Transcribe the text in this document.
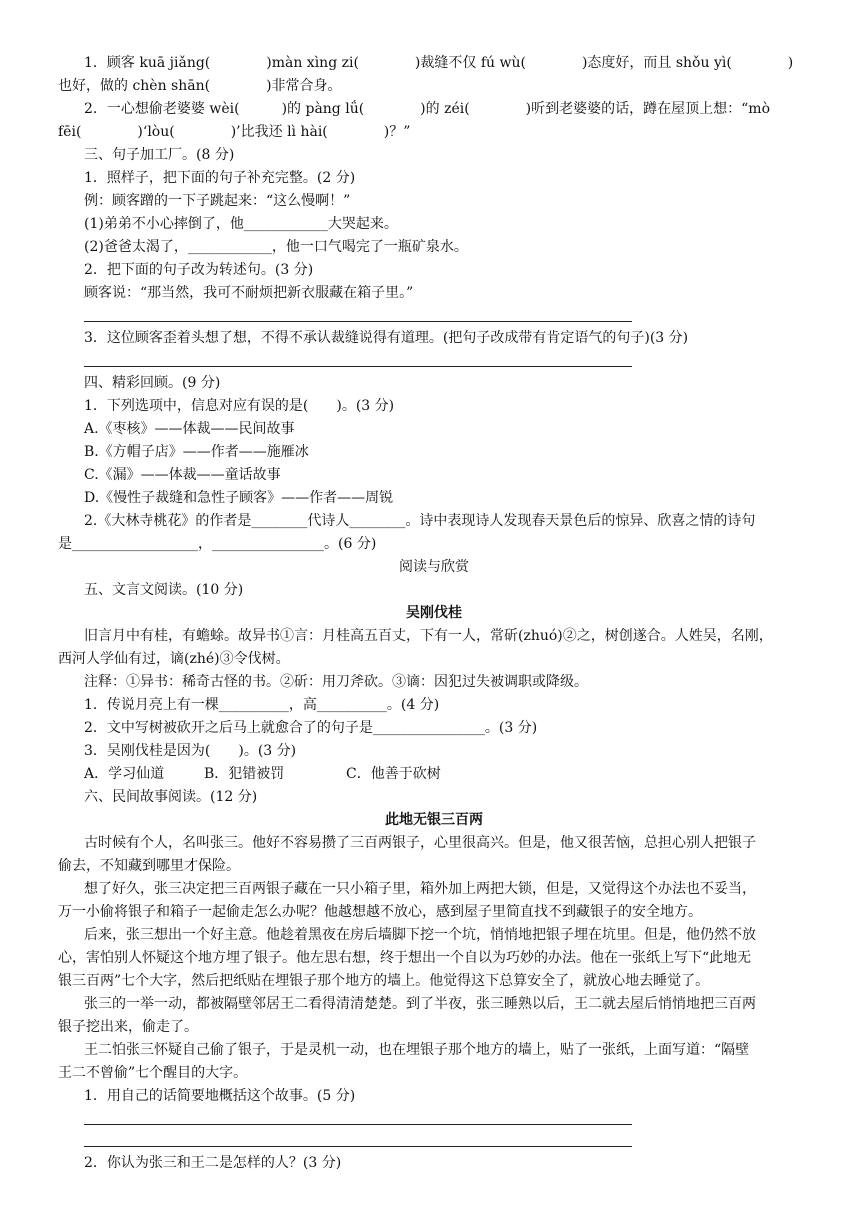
1．顾客 kuā jiǎng(　　　　)màn xìng zi(　　　　)裁缝不仅 fú wù(　　　　)态度好，而且 shǒu yì(　　　　)

也好，做的 chèn shān(　　　　)非常合身。

2．一心想偷老婆婆 wèi(　　　)的 pàng lǘ(　　　　)的 zéi(　　　　)听到老婆婆的话，蹲在屋顶上想：“mò

fēi(　　　　)‘lòu(　　　　)’比我还 lì hài(　　　　)？”

三、句子加工厂。(8 分)

1．照样子，把下面的句子补充完整。(2 分)

例：顾客蹭的一下子跳起来：“这么慢啊！”

(1)弟弟不小心摔倒了，他____________大哭起来。

(2)爸爸太渴了，____________，他一口气喝完了一瓶矿泉水。

2．把下面的句子改为转述句。(3 分)

顾客说：“那当然，我可不耐烦把新衣服藏在箱子里。”

3．这位顾客歪着头想了想，不得不承认裁缝说得有道理。(把句子改成带有肯定语气的句子)(3 分)

四、精彩回顾。(9 分)

1．下列选项中，信息对应有误的是(　　)。(3 分)

A.《枣核》——体裁——民间故事

B.《方帽子店》——作者——施雁冰

C.《漏》——体裁——童话故事

D.《慢性子裁缝和急性子顾客》——作者——周锐

2.《大林寺桃花》的作者是________代诗人________。诗中表现诗人发现春天景色后的惊异、欣喜之情的诗句

是__________________，________________。(6 分)

阅读与欣赏

五、文言文阅读。(10 分)

吴刚伐桂

旧言月中有桂，有蟾蜍。故异书①言：月桂高五百丈，下有一人，常斫(zhuó)②之，树创遂合。人姓吴，名刚，

西河人学仙有过，谪(zhé)③令伐树。

注释：①异书：稀奇古怪的书。②斫：用刀斧砍。③谪：因犯过失被调职或降级。

1．传说月亮上有一棵__________，高__________。(4 分)

2．文中写树被砍开之后马上就愈合了的句子是________________。(3 分)

3．吴刚伐桂是因为(　　)。(3 分)

A．学习仙道	B．犯错被罚	C．他善于砍树

六、民间故事阅读。(12 分)

此地无银三百两

古时候有个人，名叫张三。他好不容易攒了三百两银子，心里很高兴。但是，他又很苦恼，总担心别人把银子

偷去，不知藏到哪里才保险。

想了好久，张三决定把三百两银子藏在一只小箱子里，箱外加上两把大锁，但是，又觉得这个办法也不妥当，

万一小偷将银子和箱子一起偷走怎么办呢？他越想越不放心，感到屋子里简直找不到藏银子的安全地方。

后来，张三想出一个好主意。他趁着黑夜在房后墙脚下挖一个坑，悄悄地把银子埋在坑里。但是，他仍然不放

心，害怕别人怀疑这个地方埋了银子。他左思右想，终于想出一个自以为巧妙的办法。他在一张纸上写下“此地无

银三百两”七个大字，然后把纸贴在埋银子那个地方的墙上。他觉得这下总算安全了，就放心地去睡觉了。

张三的一举一动，都被隔壁邻居王二看得清清楚楚。到了半夜，张三睡熟以后，王二就去屋后悄悄地把三百两

银子挖出来，偷走了。

王二怕张三怀疑自己偷了银子，于是灵机一动，也在埋银子那个地方的墙上，贴了一张纸，上面写道：“隔壁

王二不曾偷”七个醒目的大字。

1．用自己的话简要地概括这个故事。(5 分)

2．你认为张三和王二是怎样的人？(3 分)
